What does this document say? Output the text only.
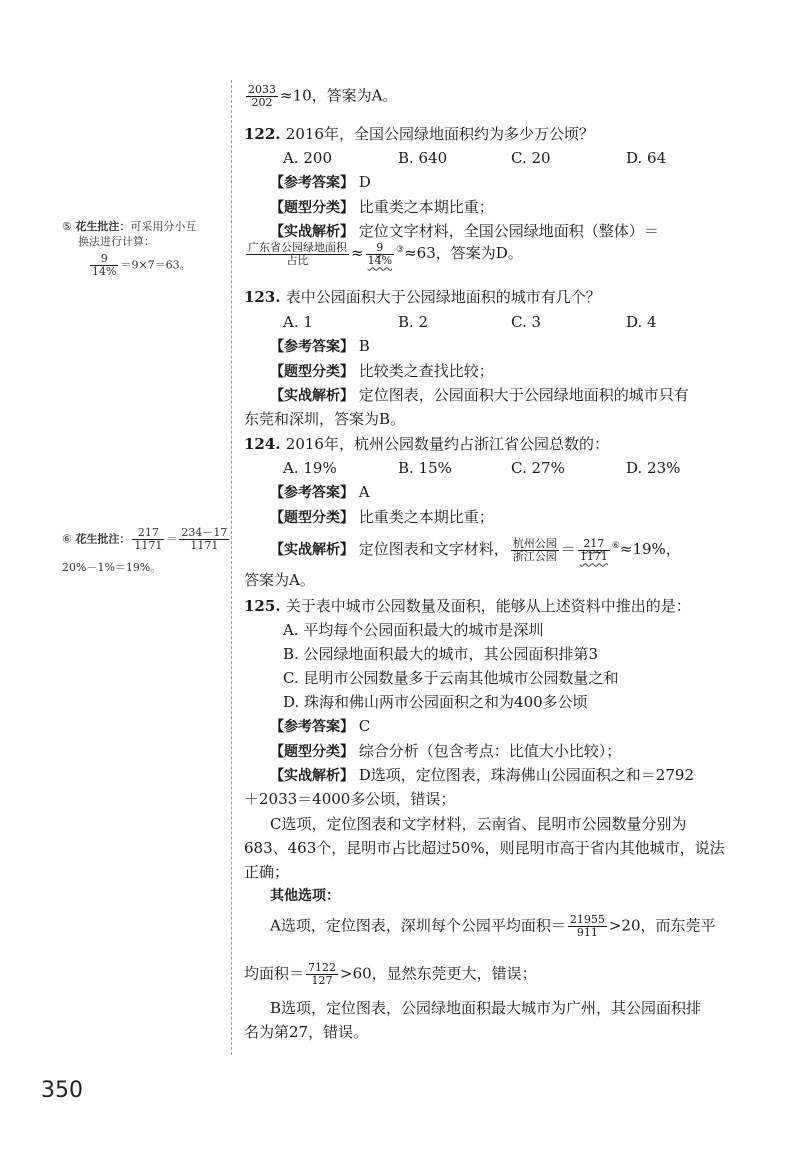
$\frac{2033}{202} \approx 10$，答案为A。
122. 2016年，全国公园绿地面积约为多少万公顷？
A. 200	B. 640	C. 20	D. 64
【参考答案】 D
【题型分类】 比重类之本期比重；
【实战解析】 定位文字材料，全国公园绿地面积（整体）＝
$\frac{\text{广东省公园绿地面积}}{\text{占比}} \approx \frac{9}{14\%} ^③\approx 63$，答案为D。
⑤ 花生批注：可采用分小互
换法进行计算：
$\frac{9}{14\%} =9\times 7=63$。
123. 表中公园面积大于公园绿地面积的城市有几个？
A. 1	B. 2	C. 3	D. 4
【参考答案】 B
【题型分类】 比较类之查找比较；
【实战解析】 定位图表，公园面积大于公园绿地面积的城市只有
东莞和深圳，答案为B。
124. 2016年，杭州公园数量约占浙江省公园总数的：
A. 19%	B. 15%	C. 27%	D. 23%
【参考答案】 A
【题型分类】 比重类之本期比重；
【实战解析】 定位图表和文字材料， $\frac{\text{杭州公园}}{\text{浙江公园}} = \frac{217}{1171} ^⑥\approx 19\%$，
答案为A。
⑥ 花生批注： $\frac{217}{1171} = \frac{234-17}{1171}$
20%－1%＝19%。
125. 关于表中城市公园数量及面积，能够从上述资料中推出的是：
A. 平均每个公园面积最大的城市是深圳
B. 公园绿地面积最大的城市，其公园面积排第3
C. 昆明市公园数量多于云南其他城市公园数量之和
D. 珠海和佛山两市公园面积之和为400多公顷
【参考答案】 C
【题型分类】 综合分析（包含考点：比值大小比较）；
【实战解析】 D选项，定位图表，珠海佛山公园面积之和＝2792
＋2033＝4000多公顷，错误；
C选项，定位图表和文字材料，云南省、昆明市公园数量分别为
683、463个，昆明市占比超过50%，则昆明市高于省内其他城市，说法
正确；
其他选项：
A选项，定位图表，深圳每个公园平均面积＝ $\frac{21955}{911} >20$，而东莞平
均面积＝ $\frac{7122}{127} >60$，显然东莞更大，错误；
B选项，定位图表，公园绿地面积最大城市为广州，其公园面积排
名为第27，错误。
350
